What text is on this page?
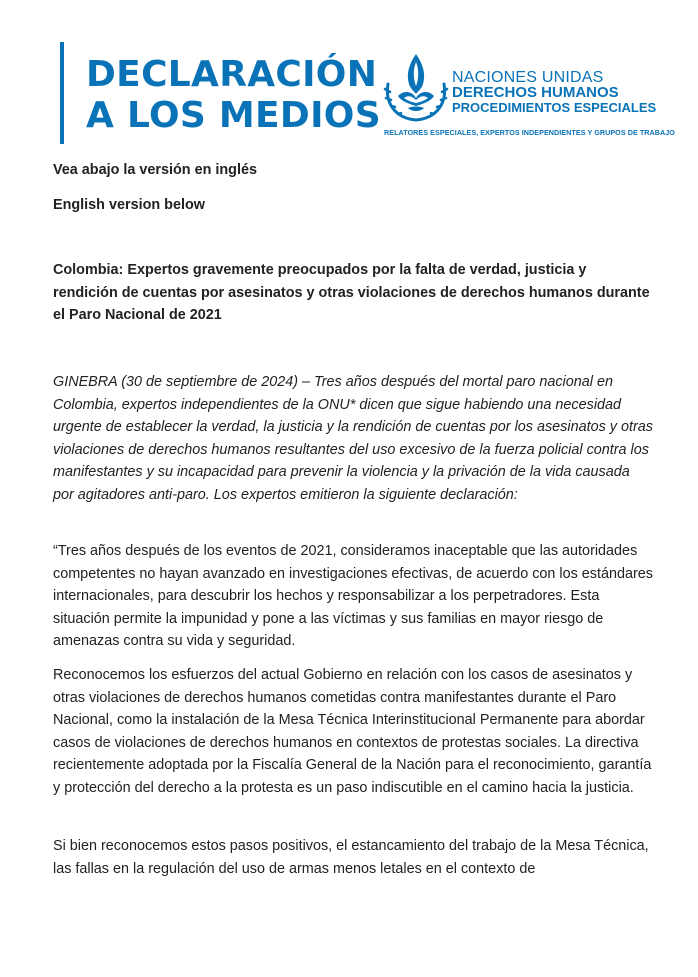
DECLARACIÓN
A LOS MEDIOS
NACIONES UNIDAS
DERECHOS HUMANOS
PROCEDIMIENTOS ESPECIALES
RELATORES ESPECIALES, EXPERTOS INDEPENDIENTES Y GRUPOS DE TRABAJO

Vea abajo la versión en inglés

English version below

Colombia: Expertos gravemente preocupados por la falta de verdad, justicia y rendición de cuentas por asesinatos y otras violaciones de derechos humanos durante el Paro Nacional de 2021

GINEBRA (30 de septiembre de 2024) – Tres años después del mortal paro nacional en Colombia, expertos independientes de la ONU* dicen que sigue habiendo una necesidad urgente de establecer la verdad, la justicia y la rendición de cuentas por los asesinatos y otras violaciones de derechos humanos resultantes del uso excesivo de la fuerza policial contra los manifestantes y su incapacidad para prevenir la violencia y la privación de la vida causada por agitadores anti-paro. Los expertos emitieron la siguiente declaración:

“Tres años después de los eventos de 2021, consideramos inaceptable que las autoridades competentes no hayan avanzado en investigaciones efectivas, de acuerdo con los estándares internacionales, para descubrir los hechos y responsabilizar a los perpetradores. Esta situación permite la impunidad y pone a las víctimas y sus familias en mayor riesgo de amenazas contra su vida y seguridad.

Reconocemos los esfuerzos del actual Gobierno en relación con los casos de asesinatos y otras violaciones de derechos humanos cometidas contra manifestantes durante el Paro Nacional, como la instalación de la Mesa Técnica Interinstitucional Permanente para abordar casos de violaciones de derechos humanos en contextos de protestas sociales. La directiva recientemente adoptada por la Fiscalía General de la Nación para el reconocimiento, garantía y protección del derecho a la protesta es un paso indiscutible en el camino hacia la justicia.

Si bien reconocemos estos pasos positivos, el estancamiento del trabajo de la Mesa Técnica, las fallas en la regulación del uso de armas menos letales en el contexto de
